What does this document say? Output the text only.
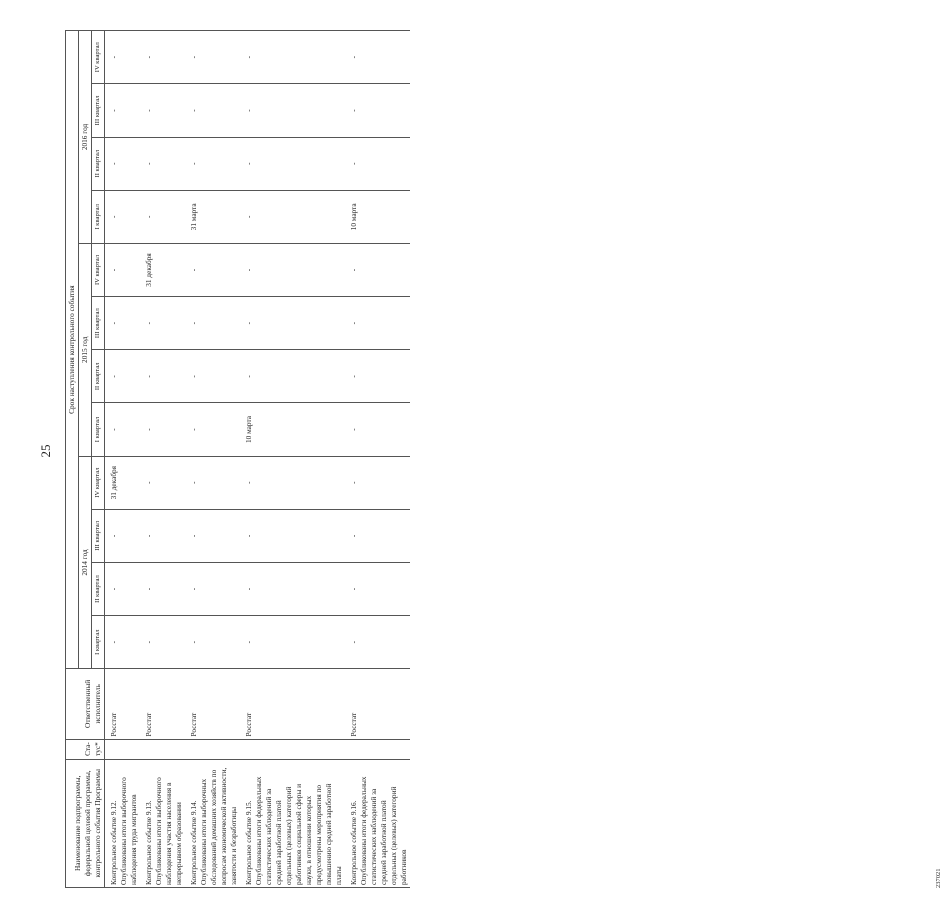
25
Наименование подпрограммы, федеральной целевой программы, контрольного события Программы	Ста-тус*	Ответственный исполнитель	Срок наступления контрольного события											
			2014 год				2015 год				2016 год			
			I квартал	II квартал	III квартал	IV квартал	I квартал	II квартал	III квартал	IV квартал	I квартал	II квартал	III квартал	IV квартал
Контрольное событие 9.12. Опубликованы итоги выборочного наблюдения труда мигрантов		Росстат	-	-	-	31 декабря	-	-	-	-	-	-	-	-
Контрольное событие 9.13. Опубликованы итоги выборочного наблюдения участия населения в непрерывном образовании		Росстат	-	-	-	-	-	-	-	31 декабря	-	-	-	-
Контрольное событие 9.14. Опубликованы итоги выборочных обследований домашних хозяйств по вопросам экономической активности, занятости и безработицы		Росстат	-	-	-	-	-	-	-	-	31 марта	-	-	-
Контрольное событие 9.15. Опубликованы итоги федеральных статистических наблюдений за средней заработной платой отдельных (целевых) категорий работников социальной сферы и науки, в отношении которых предусмотрены мероприятия по повышению средней заработной платы		Росстат	-	-	-	-	10 марта	-	-	-	-	-	-	-
Контрольное событие 9.16. Опубликованы итоги федеральных статистических наблюдений за средней заработной платой отдельных (целевых) категорий работников		Росстат	-	-	-	-	-	-	-	-	10 марта	-	-	-
237021
